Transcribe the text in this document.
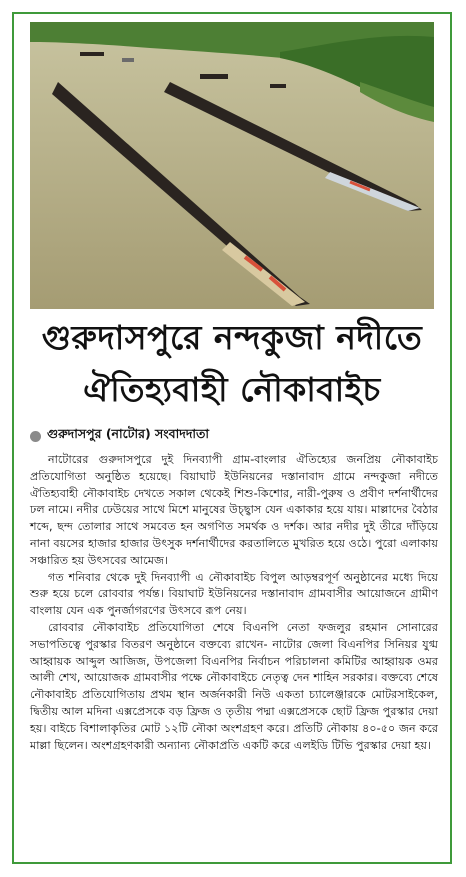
গুরুদাসপুরে নন্দকুজা নদীতে
ঐতিহ্যবাহী নৌকাবাইচ
গুরুদাসপুর (নাটোর) সংবাদদাতা

নাটোরের গুরুদাসপুরে দুই দিনব্যাপী গ্রাম-বাংলার ঐতিহ্যের জনপ্রিয় নৌকাবাইচ প্রতিযোগিতা অনুষ্ঠিত হয়েছে। বিয়াঘাট ইউনিয়নের দস্তানাবাদ গ্রামে নন্দকুজা নদীতে ঐতিহ্যবাহী নৌকাবাইচ দেখতে সকাল থেকেই শিশু-কিশোর, নারী-পুরুষ ও প্রবীণ দর্শনার্থীদের ঢল নামে। নদীর ঢেউয়ের সাথে মিশে মানুষের উচ্ছ্বাস যেন একাকার হয়ে যায়। মাল্লাদের বৈঠার শব্দে, ছন্দ তোলার সাথে সমবেত হন অগণিত সমর্থক ও দর্শক। আর নদীর দুই তীরে দাঁড়িয়ে নানা বয়সের হাজার হাজার উৎসুক দর্শনার্থীদের করতালিতে মুখরিত হয়ে ওঠে। পুরো এলাকায় সঞ্চারিত হয় উৎসবের আমেজ।

গত শনিবার থেকে দুই দিনব্যাপী এ নৌকাবাইচ বিপুল আড়ম্বরপূর্ণ অনুষ্ঠানের মধ্যে দিয়ে শুরু হয়ে চলে রোববার পর্যন্ত। বিয়াঘাট ইউনিয়নের দস্তানাবাদ গ্রামবাসীর আয়োজনে গ্রামীণ বাংলায় যেন এক পুনর্জাগরণের উৎসবে রূপ নেয়।

রোববার নৌকাবাইচ প্রতিযোগিতা শেষে বিএনপি নেতা ফজলুর রহমান সোনারের সভাপতিত্বে পুরস্কার বিতরণ অনুষ্ঠানে বক্তব্যে রাখেন- নাটোর জেলা বিএনপির সিনিয়র যুগ্ম আহ্বায়ক আব্দুল আজিজ, উপজেলা বিএনপির নির্বাচন পরিচালনা কমিটির আহ্বায়ক ওমর আলী শেখ, আয়োজক গ্রামবাসীর পক্ষে নৌকাবাইচে নেতৃত্ব দেন শাহিন সরকার। বক্তব্যে শেষে নৌকাবাইচ প্রতিযোগিতায় প্রথম স্থান অর্জনকারী নিউ একতা চ্যালেঞ্জারকে মোটরসাইকেল, দ্বিতীয় আল মদিনা এক্সপ্রেসকে বড় ফ্রিজ ও তৃতীয় পদ্মা এক্সপ্রেসকে ছোট ফ্রিজ পুরস্কার দেয়া হয়। বাইচে বিশালাকৃতির মোট ১২টি নৌকা অংশগ্রহণ করে। প্রতিটি নৌকায় ৪০-৫০ জন করে মাল্লা ছিলেন। অংশগ্রহণকারী অন্যান্য নৌকাপ্রতি একটি করে এলইডি টিভি পুরস্কার দেয়া হয়।
